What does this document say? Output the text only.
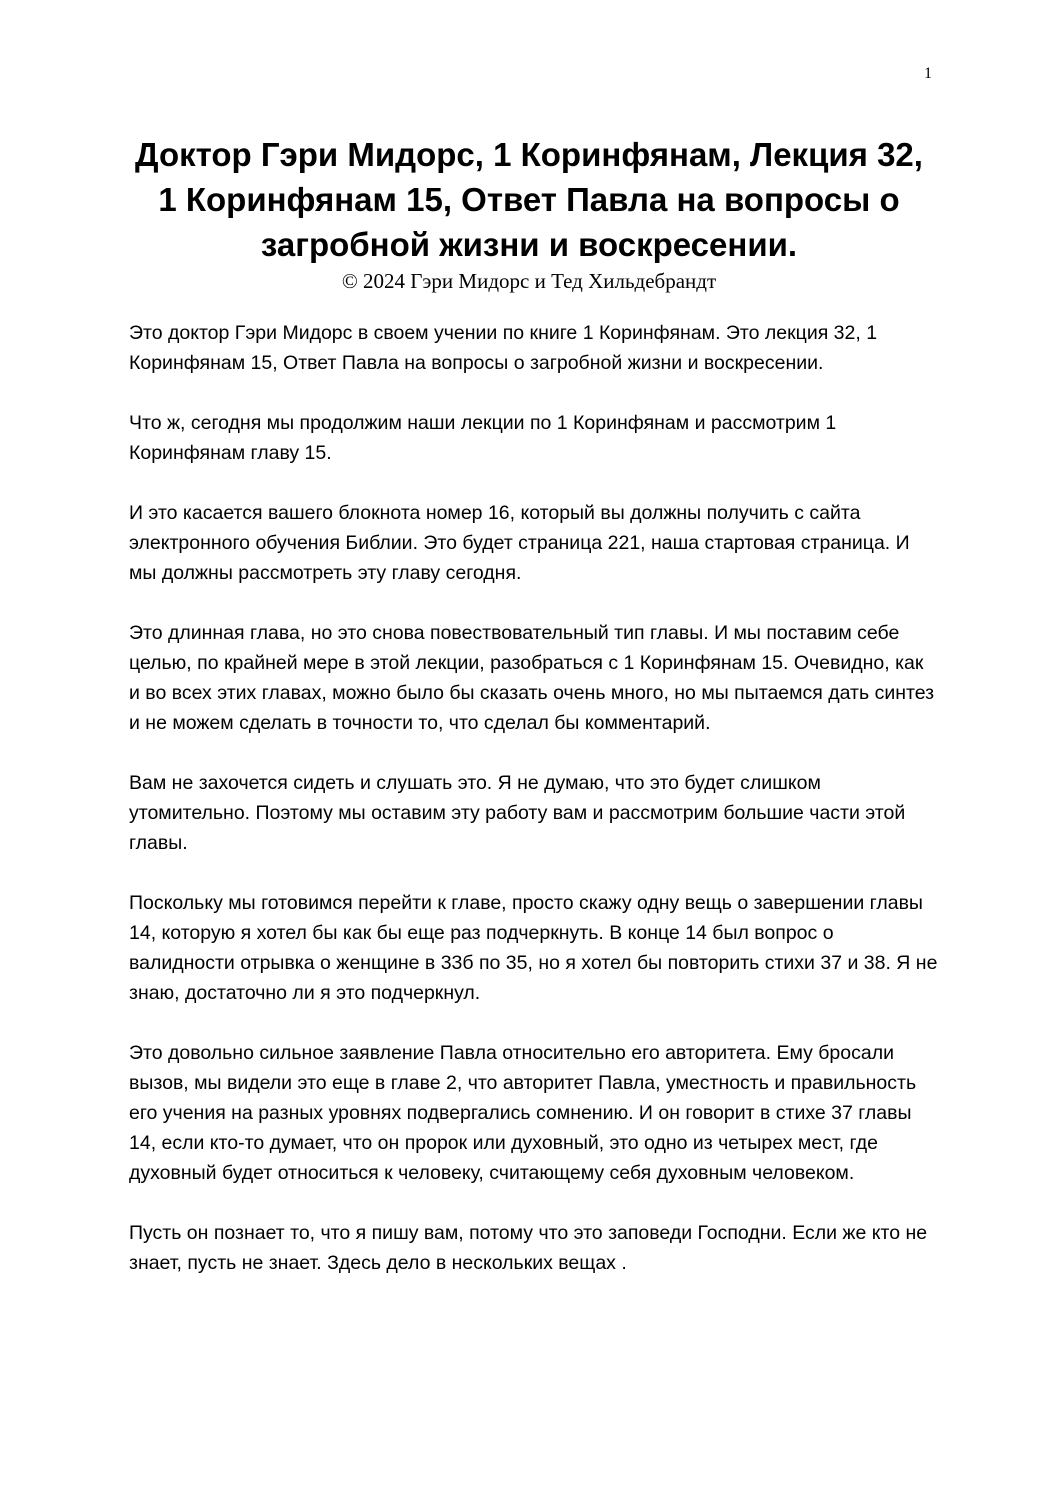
1
Доктор Гэри Мидорс, 1 Коринфянам, Лекция 32,
1 Коринфянам 15, Ответ Павла на вопросы о
загробной жизни и воскресении.
© 2024 Гэри Мидорс и Тед Хильдебрандт

Это доктор Гэри Мидорс в своем учении по книге 1 Коринфянам. Это лекция 32, 1 Коринфянам 15, Ответ Павла на вопросы о загробной жизни и воскресении.

Что ж, сегодня мы продолжим наши лекции по 1 Коринфянам и рассмотрим 1 Коринфянам главу 15.

И это касается вашего блокнота номер 16, который вы должны получить с сайта электронного обучения Библии. Это будет страница 221, наша стартовая страница. И мы должны рассмотреть эту главу сегодня.

Это длинная глава, но это снова повествовательный тип главы. И мы поставим себе целью, по крайней мере в этой лекции, разобраться с 1 Коринфянам 15. Очевидно, как и во всех этих главах, можно было бы сказать очень много, но мы пытаемся дать синтез и не можем сделать в точности то, что сделал бы комментарий.

Вам не захочется сидеть и слушать это. Я не думаю, что это будет слишком утомительно. Поэтому мы оставим эту работу вам и рассмотрим большие части этой главы.

Поскольку мы готовимся перейти к главе, просто скажу одну вещь о завершении главы 14, которую я хотел бы как бы еще раз подчеркнуть. В конце 14 был вопрос о валидности отрывка о женщине в 33б по 35, но я хотел бы повторить стихи 37 и 38. Я не знаю, достаточно ли я это подчеркнул.

Это довольно сильное заявление Павла относительно его авторитета. Ему бросали вызов, мы видели это еще в главе 2, что авторитет Павла, уместность и правильность его учения на разных уровнях подвергались сомнению. И он говорит в стихе 37 главы 14, если кто-то думает, что он пророк или духовный, это одно из четырех мест, где духовный будет относиться к человеку, считающему себя духовным человеком.

Пусть он познает то, что я пишу вам, потому что это заповеди Господни. Если же кто не знает, пусть не знает. Здесь дело в нескольких вещах .
